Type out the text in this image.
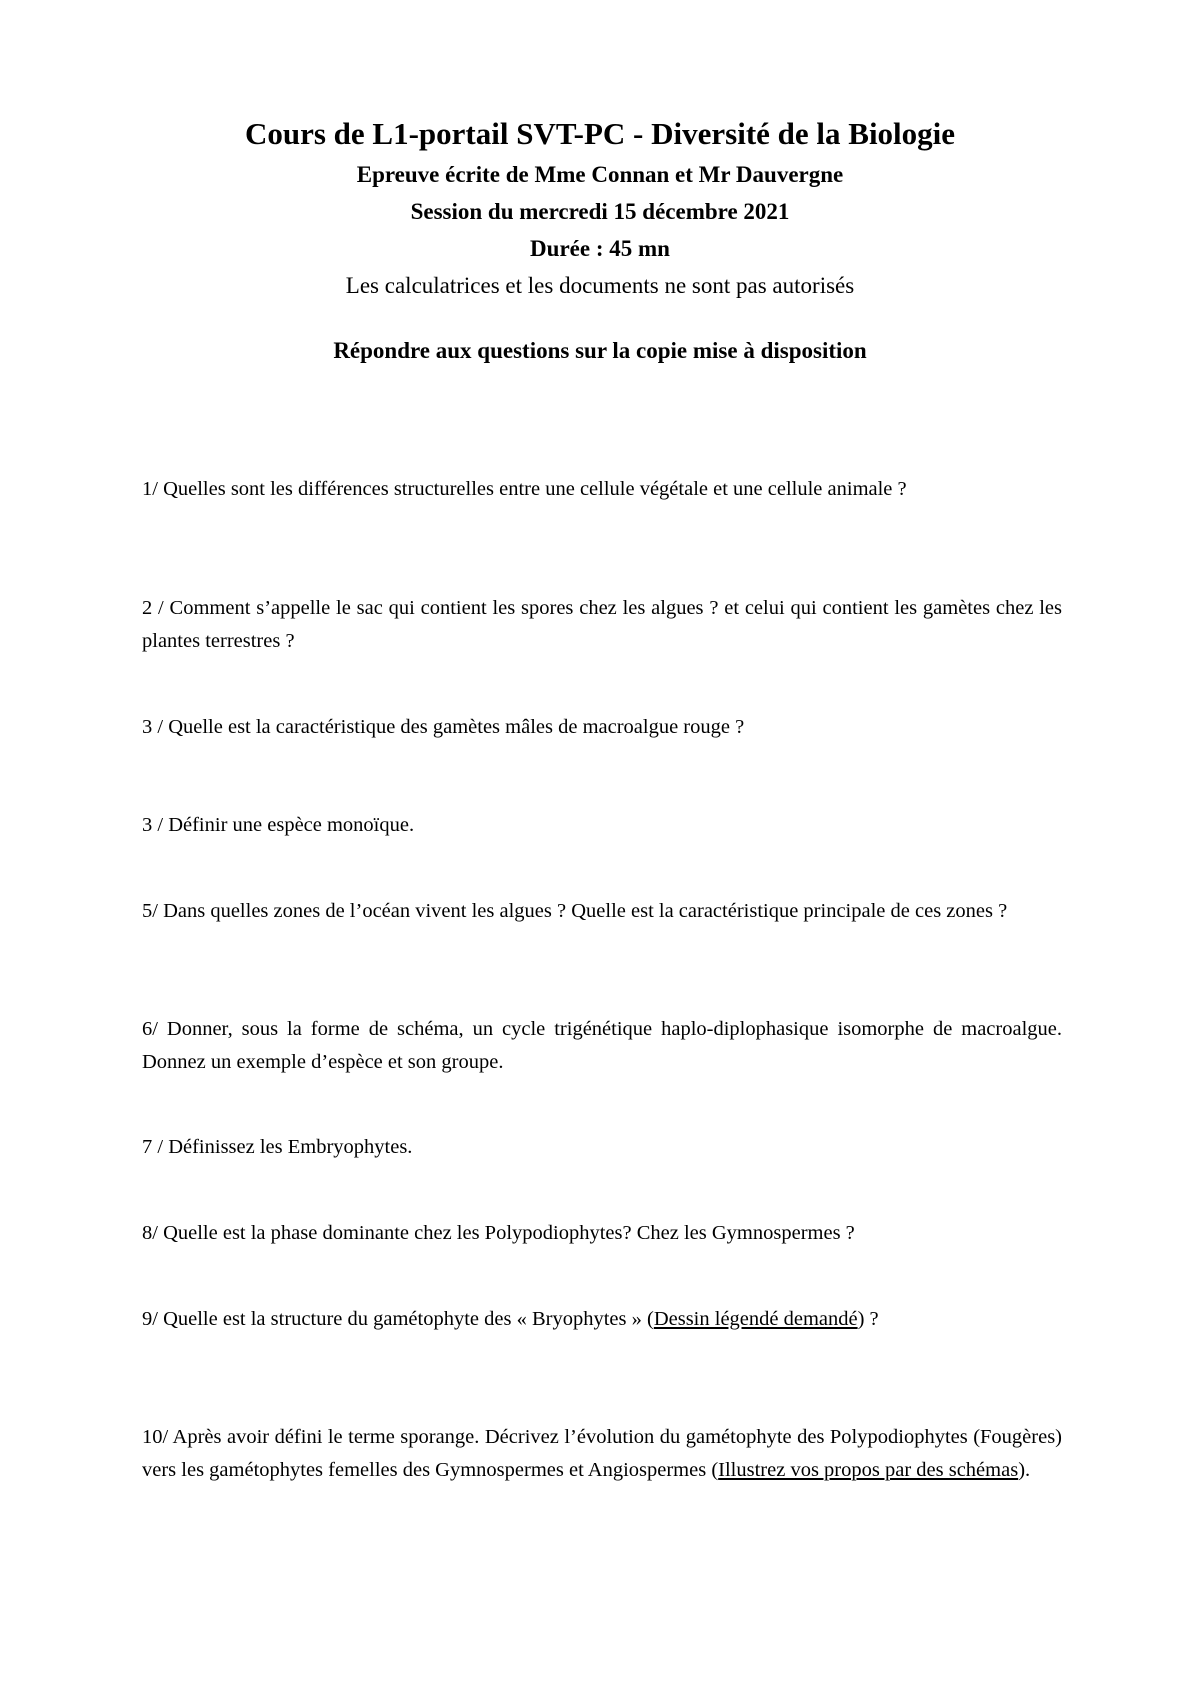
Cours de L1-portail SVT-PC - Diversité de la Biologie

Epreuve écrite de Mme Connan et Mr Dauvergne

Session du mercredi 15 décembre 2021

Durée : 45 mn

Les calculatrices et les documents ne sont pas autorisés

Répondre aux questions sur la copie mise à disposition

1/ Quelles sont les différences structurelles entre une cellule végétale et une cellule animale ?

2 / Comment s’appelle le sac qui contient les spores chez les algues ? et celui qui contient les gamètes chez les plantes terrestres ?

3 / Quelle est la caractéristique des gamètes mâles de macroalgue rouge ?

3 / Définir une espèce monoïque.

5/ Dans quelles zones de l’océan vivent les algues ? Quelle est la caractéristique principale de ces zones ?

6/ Donner, sous la forme de schéma, un cycle trigénétique haplo-diplophasique isomorphe de macroalgue. Donnez un exemple d’espèce et son groupe.

7 / Définissez les Embryophytes.

8/ Quelle est la phase dominante chez les Polypodiophytes? Chez les Gymnospermes ?

9/ Quelle est la structure du gamétophyte des « Bryophytes » (Dessin légendé demandé) ?

10/ Après avoir défini le terme sporange. Décrivez l’évolution du gamétophyte des Polypodiophytes (Fougères) vers les gamétophytes femelles des Gymnospermes et Angiospermes (Illustrez vos propos par des schémas).
